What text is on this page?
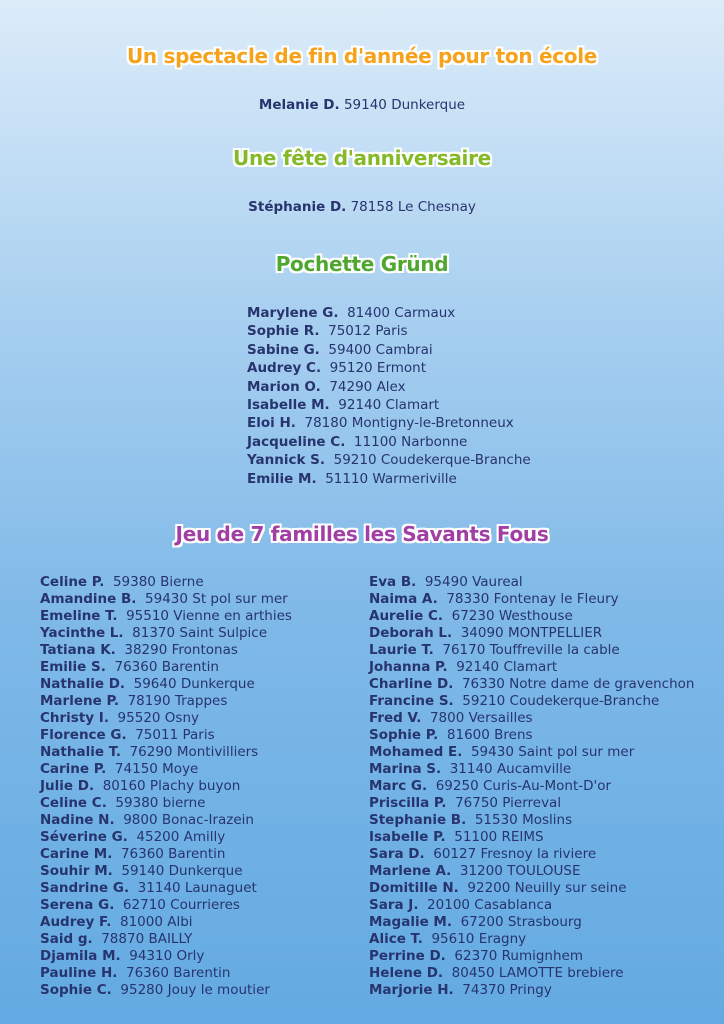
Un spectacle de fin d'année pour ton école
Melanie D. 59140 Dunkerque
Une fête d'anniversaire
Stéphanie D. 78158 Le Chesnay
Pochette Gründ
Marylene G. 81400 Carmaux
Sophie R. 75012 Paris
Sabine G. 59400 Cambrai
Audrey C. 95120 Ermont
Marion O. 74290 Alex
Isabelle M. 92140 Clamart
Eloi H. 78180 Montigny-le-Bretonneux
Jacqueline C. 11100 Narbonne
Yannick S. 59210 Coudekerque-Branche
Emilie M. 51110 Warmeriville
Jeu de 7 familles les Savants Fous
Celine P. 59380 Bierne
Amandine B. 59430 St pol sur mer
Emeline T. 95510 Vienne en arthies
Yacinthe L. 81370 Saint Sulpice
Tatiana K. 38290 Frontonas
Emilie S. 76360 Barentin
Nathalie D. 59640 Dunkerque
Marlene P. 78190 Trappes
Christy I. 95520 Osny
Florence G. 75011 Paris
Nathalie T. 76290 Montivilliers
Carine P. 74150 Moye
Julie D. 80160 Plachy buyon
Celine C. 59380 bierne
Nadine N. 9800 Bonac-Irazein
Séverine G. 45200 Amilly
Carine M. 76360 Barentin
Souhir M. 59140 Dunkerque
Sandrine G. 31140 Launaguet
Serena G. 62710 Courrieres
Audrey F. 81000 Albi
Said g. 78870 BAILLY
Djamila M. 94310 Orly
Pauline H. 76360 Barentin
Sophie C. 95280 Jouy le moutier
Eva B. 95490 Vaureal
Naima A. 78330 Fontenay le Fleury
Aurelie C. 67230 Westhouse
Deborah L. 34090 MONTPELLIER
Laurie T. 76170 Touffreville la cable
Johanna P. 92140 Clamart
Charline D. 76330 Notre dame de gravenchon
Francine S. 59210 Coudekerque-Branche
Fred V. 7800 Versailles
Sophie P. 81600 Brens
Mohamed E. 59430 Saint pol sur mer
Marina S. 31140 Aucamville
Marc G. 69250 Curis-Au-Mont-D'or
Priscilla P. 76750 Pierreval
Stephanie B. 51530 Moslins
Isabelle P. 51100 REIMS
Sara D. 60127 Fresnoy la riviere
Marlene A. 31200 TOULOUSE
Domitille N. 92200 Neuilly sur seine
Sara J. 20100 Casablanca
Magalie M. 67200 Strasbourg
Alice T. 95610 Eragny
Perrine D. 62370 Rumignhem
Helene D. 80450 LAMOTTE brebiere
Marjorie H. 74370 Pringy
